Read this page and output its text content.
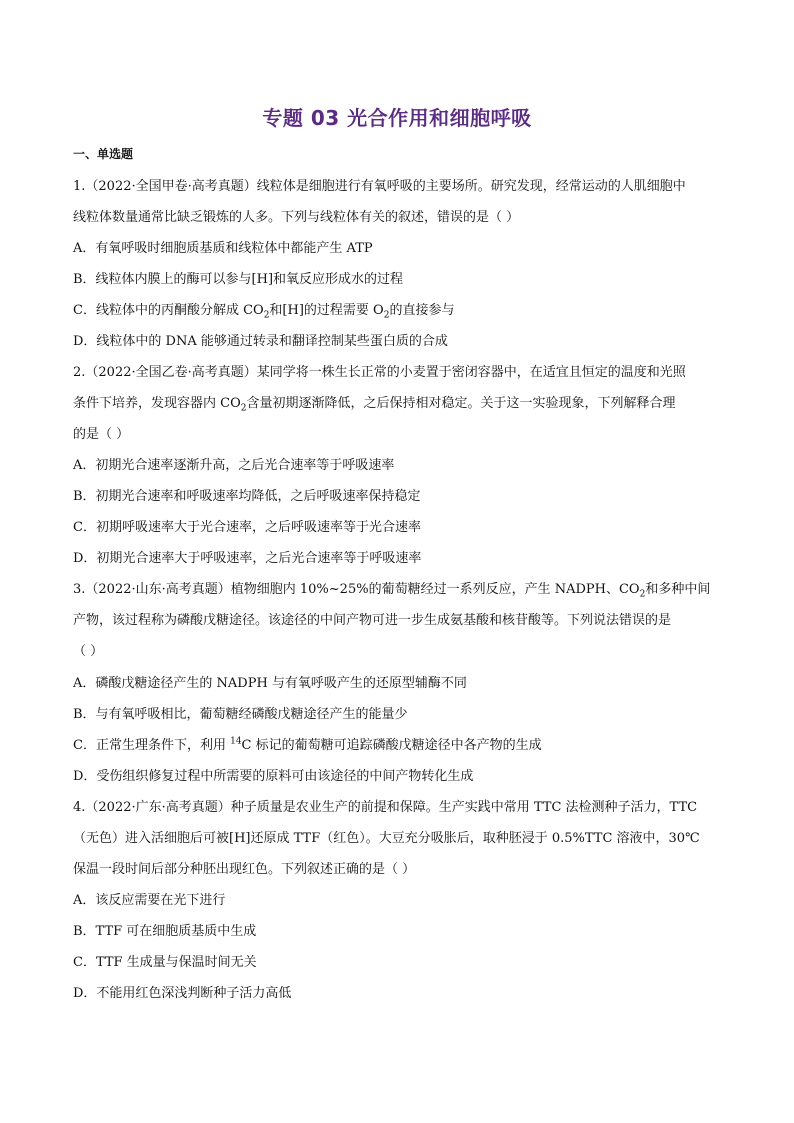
专题 03 光合作用和细胞呼吸
一、单选题
1.（2022·全国甲卷·高考真题）线粒体是细胞进行有氧呼吸的主要场所。研究发现，经常运动的人肌细胞中
线粒体数量通常比缺乏锻炼的人多。下列与线粒体有关的叙述，错误的是（ ）
A．有氧呼吸时细胞质基质和线粒体中都能产生 ATP
B．线粒体内膜上的酶可以参与[H]和氧反应形成水的过程
C．线粒体中的丙酮酸分解成 $CO_2$和[H]的过程需要 $O_2$的直接参与
D．线粒体中的 DNA 能够通过转录和翻译控制某些蛋白质的合成
2.（2022·全国乙卷·高考真题）某同学将一株生长正常的小麦置于密闭容器中，在适宜且恒定的温度和光照
条件下培养，发现容器内 $CO_2$含量初期逐渐降低，之后保持相对稳定。关于这一实验现象，下列解释合理
的是（ ）
A．初期光合速率逐渐升高，之后光合速率等于呼吸速率
B．初期光合速率和呼吸速率均降低，之后呼吸速率保持稳定
C．初期呼吸速率大于光合速率，之后呼吸速率等于光合速率
D．初期光合速率大于呼吸速率，之后光合速率等于呼吸速率
3.（2022·山东·高考真题）植物细胞内 10%~25%的葡萄糖经过一系列反应，产生 NADPH、$CO_2$和多种中间
产物，该过程称为磷酸戊糖途径。该途径的中间产物可进一步生成氨基酸和核苷酸等。下列说法错误的是
（ ）
A．磷酸戊糖途径产生的 NADPH 与有氧呼吸产生的还原型辅酶不同
B．与有氧呼吸相比，葡萄糖经磷酸戊糖途径产生的能量少
C．正常生理条件下，利用 $^{14}$C 标记的葡萄糖可追踪磷酸戊糖途径中各产物的生成
D．受伤组织修复过程中所需要的原料可由该途径的中间产物转化生成
4.（2022·广东·高考真题）种子质量是农业生产的前提和保障。生产实践中常用 TTC 法检测种子活力，TTC
（无色）进入活细胞后可被[H]还原成 TTF（红色）。大豆充分吸胀后，取种胚浸于 0.5%TTC 溶液中，30℃
保温一段时间后部分种胚出现红色。下列叙述正确的是（ ）
A．该反应需要在光下进行
B．TTF 可在细胞质基质中生成
C．TTF 生成量与保温时间无关
D．不能用红色深浅判断种子活力高低
